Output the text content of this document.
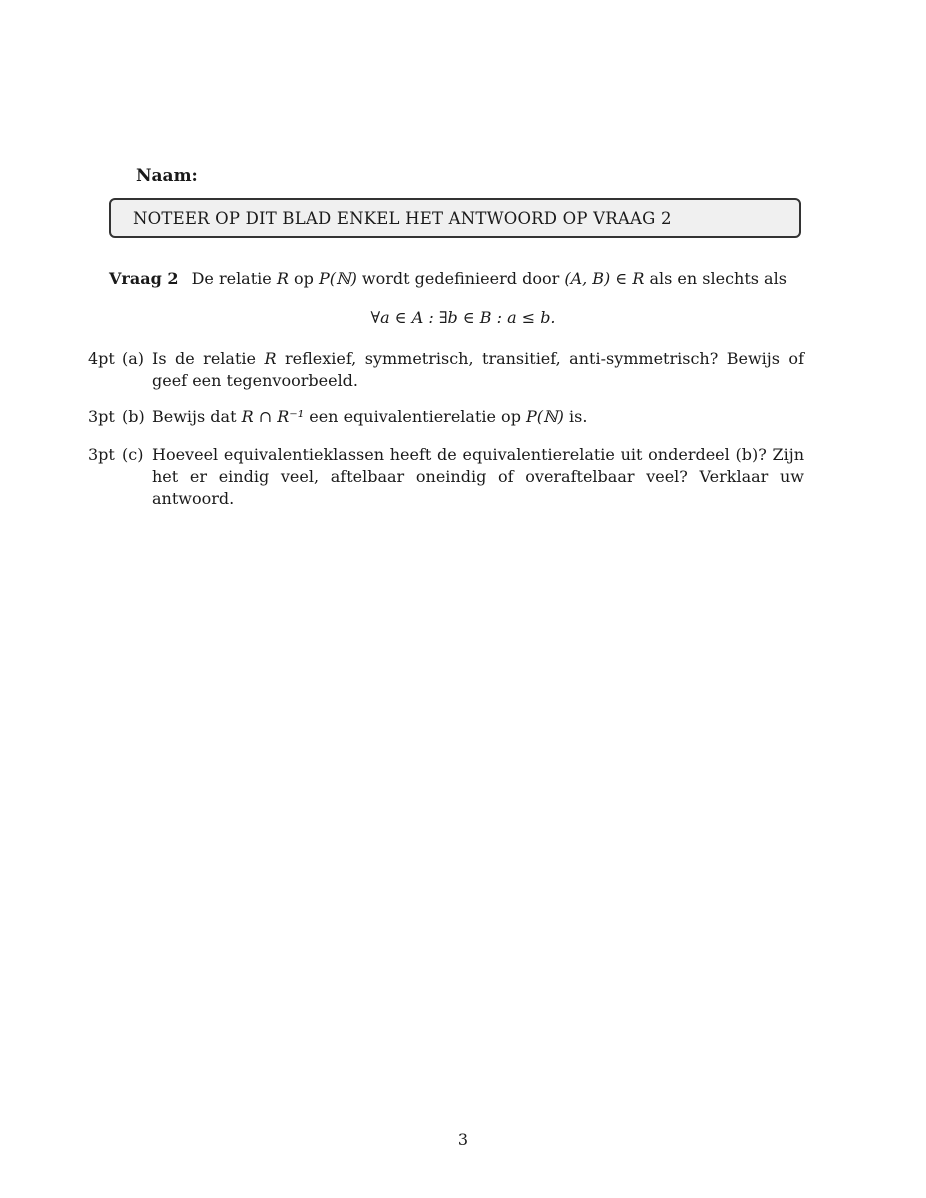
Naam:
NOTEER OP DIT BLAD ENKEL HET ANTWOORD OP VRAAG 2
Vraag 2 De relatie R op P(ℕ) wordt gedefinieerd door (A, B) ∈ R als en slechts als
∀a ∈ A : ∃b ∈ B : a ≤ b.
4pt (a) Is de relatie R reflexief, symmetrisch, transitief, anti-symmetrisch? Bewijs of geef een tegenvoorbeeld.
3pt (b) Bewijs dat R ∩ R⁻¹ een equivalentierelatie op P(ℕ) is.
3pt (c) Hoeveel equivalentieklassen heeft de equivalentierelatie uit onderdeel (b)? Zijn het er eindig veel, aftelbaar oneindig of overaftelbaar veel? Verklaar uw antwoord.
3
